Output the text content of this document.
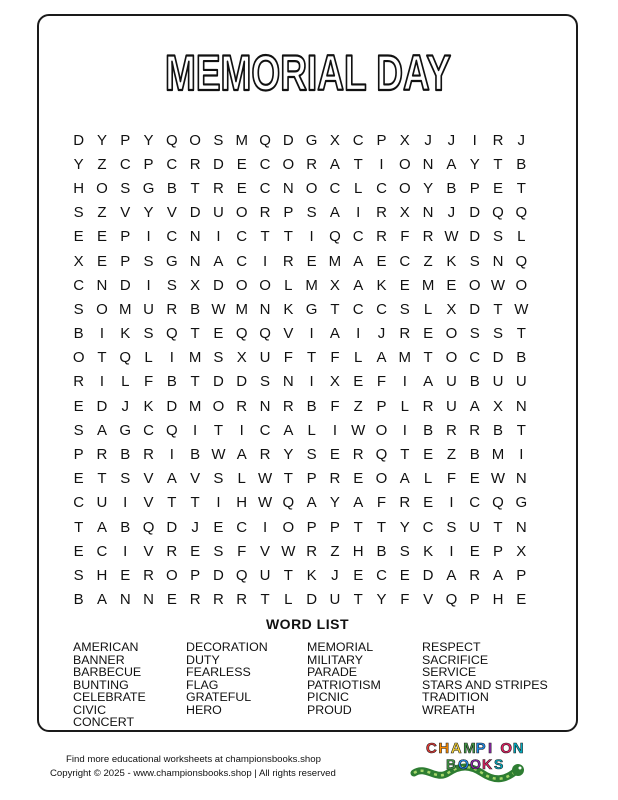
MEMORIAL DAY
D Y P Y Q O S M Q D G X C P X J	J	I	R J
Y Z C P C R D E C O R A T	I	O N A Y T B
H O S G B T R E C N O C L C O Y B P E T
S Z V Y V D U O R P S A	I	R X N J D Q Q
E E P	I	C N	I	C T T	I	Q C R F R W D S L
X E P S G N A C	I	R E M A E C Z K S N Q
C N D	I	S X D O O L M X A K E M E O W O
S O M U R B W M N K G T C C S L X D T W
B	I	K S Q T E Q Q V	I	A	I	J R E O S S T
O T Q L	I M S X U F T F L A M T O C D B
R	I	L F B T D D S N	I	X E F	I	A U B U U
E D J K D M O R N R B F Z P L R U A X N
S A G C Q	I	T	I	C A L	I W O	I	B R R B T
P R B R	I	B W A R Y S E R Q T E Z B M I
E T S V A V S L W T P R E O A L F E W N
C U	I	V T T	I	H W Q A Y A F R E	I	C Q G
T A B Q D J E C	I	O P P T T Y C S U T N
E C	I	V R E S F V W R Z H B S K	I	E P X
S H E R O P D Q U T K J E C E D A R A P
B A N N E R R R T L D U T Y F V Q P H E
WORD LIST
AMERICAN
BANNER
BARBECUE
BUNTING
CELEBRATE
CIVIC
CONCERT
DECORATION
DUTY
FEARLESS
FLAG
GRATEFUL
HERO
MEMORIAL
MILITARY
PARADE
PATRIOTISM
PICNIC
PROUD
RESPECT
SACRIFICE
SERVICE
STARS AND STRIPES
TRADITION
WREATH
Find more educational worksheets at championsbooks.shop
Copyright © 2025 - www.championsbooks.shop | All rights reserved
C H A M P I O N
B O O K S
